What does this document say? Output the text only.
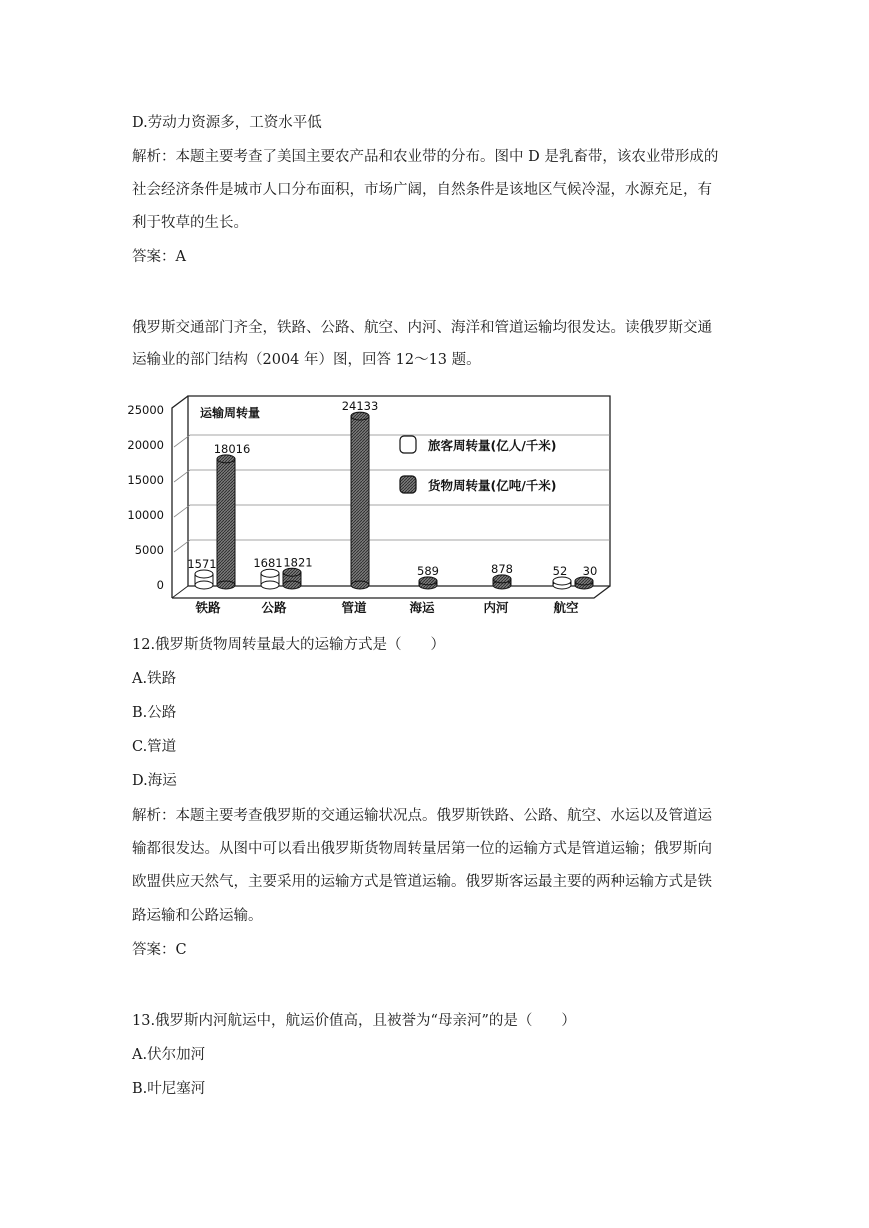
D.劳动力资源多，工资水平低
解析：本题主要考查了美国主要农产品和农业带的分布。图中 D 是乳畜带，该农业带形成的
社会经济条件是城市人口分布面积，市场广阔，自然条件是该地区气候冷湿，水源充足，有
利于牧草的生长。
答案：A
俄罗斯交通部门齐全，铁路、公路、航空、内河、海洋和管道运输均很发达。读俄罗斯交通
运输业的部门结构（2004 年）图，回答 12～13 题。
0
5000
10000
15000
20000
25000	运输周转量
1571
18016
1681 1821
24133
589	878	52 30
铁路	公路	管道	海运	内河	航空
旅客周转量(亿人/千米)
货物周转量(亿吨/千米)
12.俄罗斯货物周转量最大的运输方式是（　　）
A.铁路
B.公路
C.管道
D.海运
解析：本题主要考查俄罗斯的交通运输状况点。俄罗斯铁路、公路、航空、水运以及管道运
输都很发达。从图中可以看出俄罗斯货物周转量居第一位的运输方式是管道运输；俄罗斯向
欧盟供应天然气，主要采用的运输方式是管道运输。俄罗斯客运最主要的两种运输方式是铁
路运输和公路运输。
答案：C
13.俄罗斯内河航运中，航运价值高，且被誉为“母亲河”的是（　　）
A.伏尔加河
B.叶尼塞河
